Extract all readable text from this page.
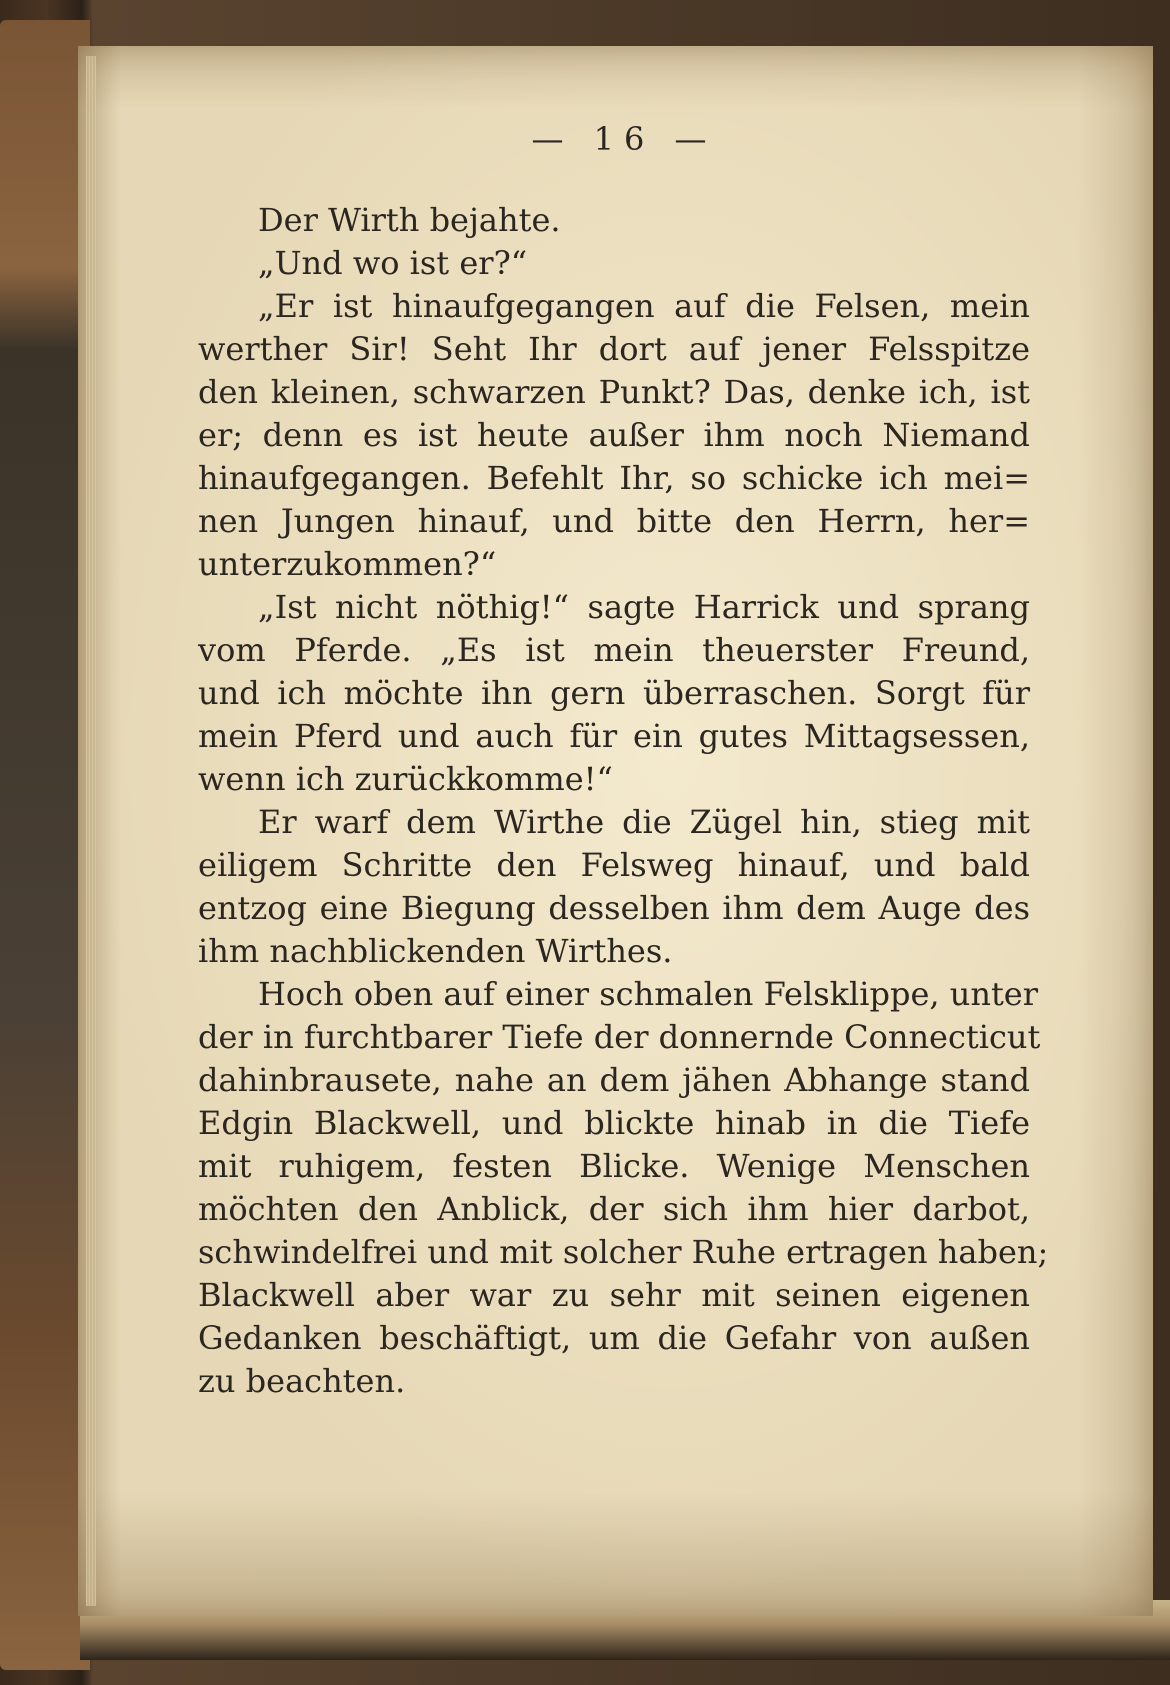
— 16 —
Der Wirth bejahte.
„Und wo ist er?“
„Er ist hinaufgegangen auf die Felsen, mein
werther Sir! Seht Ihr dort auf jener Felsspitze
den kleinen, schwarzen Punkt? Das, denke ich, ist
er; denn es ist heute außer ihm noch Niemand
hinaufgegangen. Befehlt Ihr, so schicke ich mei=
nen Jungen hinauf, und bitte den Herrn, her=
unterzukommen?“
„Ist nicht nöthig!“ sagte Harrick und sprang
vom Pferde. „Es ist mein theuerster Freund,
und ich möchte ihn gern überraschen. Sorgt für
mein Pferd und auch für ein gutes Mittagsessen,
wenn ich zurückkomme!“
Er warf dem Wirthe die Zügel hin, stieg mit
eiligem Schritte den Felsweg hinauf, und bald
entzog eine Biegung desselben ihm dem Auge des
ihm nachblickenden Wirthes.
Hoch oben auf einer schmalen Felsklippe, unter
der in furchtbarer Tiefe der donnernde Connecticut
dahinbrausete, nahe an dem jähen Abhange stand
Edgin Blackwell, und blickte hinab in die Tiefe
mit ruhigem, festen Blicke. Wenige Menschen
möchten den Anblick, der sich ihm hier darbot,
schwindelfrei und mit solcher Ruhe ertragen haben;
Blackwell aber war zu sehr mit seinen eigenen
Gedanken beschäftigt, um die Gefahr von außen
zu beachten.
